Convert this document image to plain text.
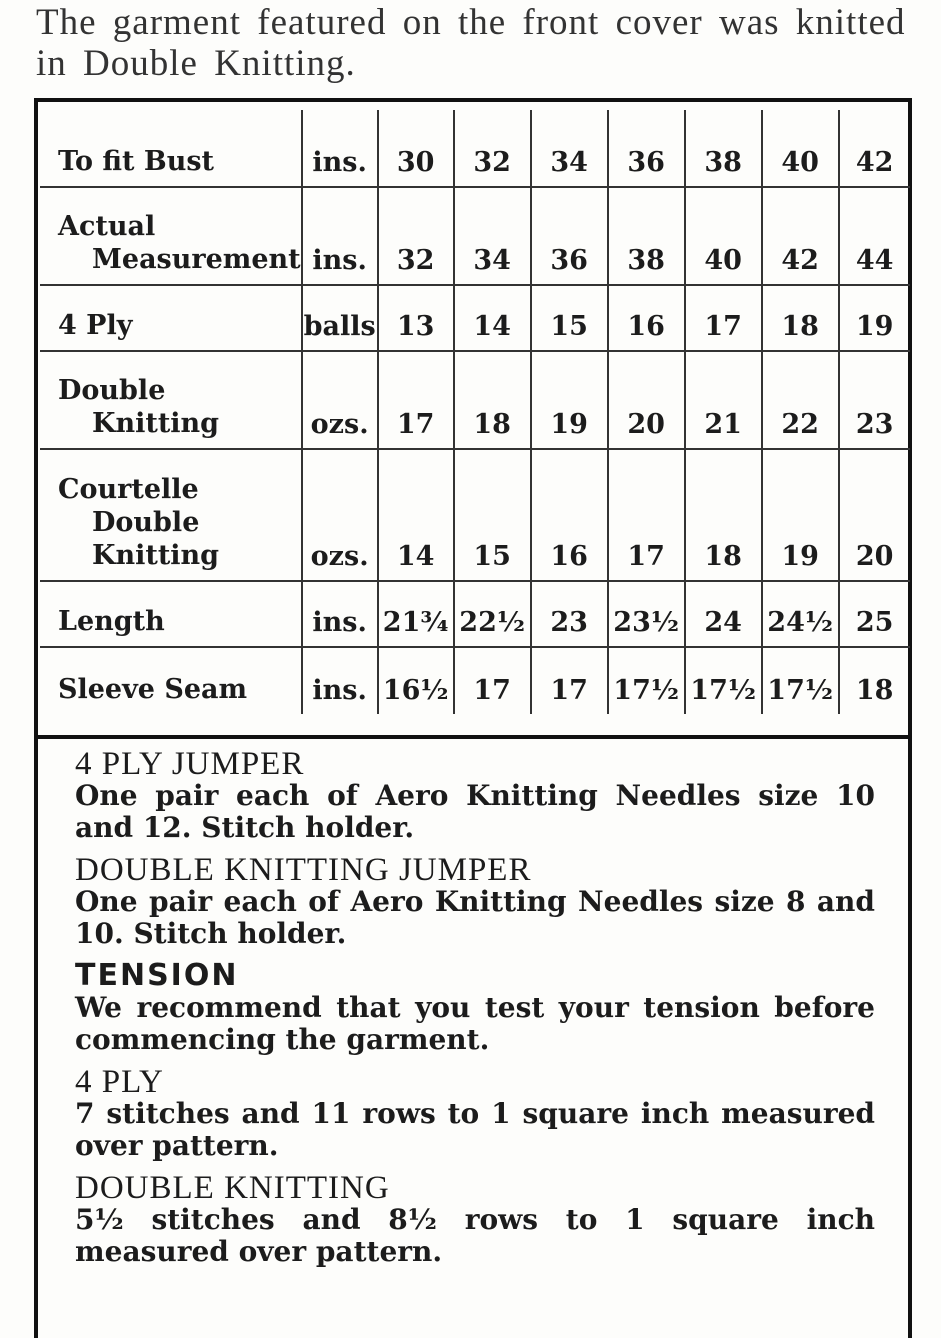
The garment featured on the front cover was knitted in Double Knitting.
To fit Bust	ins.	30	32	34	36	38	40	42

Actual
Measurement	ins.	32	34	36	38	40	42	44

4 Ply	balls	13	14	15	16	17	18	19

Double
Knitting	ozs.	17	18	19	20	21	22	23

Courtelle
Double
Knitting	ozs.	14	15	16	17	18	19	20

Length	ins.	21¾	22½	23	23½	24	24½	25

Sleeve Seam	ins.	16½	17	17	17½	17½	17½	18
4 PLY JUMPER
One pair each of Aero Knitting Needles size 10 and 12. Stitch holder.
DOUBLE KNITTING JUMPER
One pair each of Aero Knitting Needles size 8 and 10. Stitch holder.
TENSION
We recommend that you test your tension before commencing the garment.
4 PLY
7 stitches and 11 rows to 1 square inch measured over pattern.
DOUBLE KNITTING
5½ stitches and 8½ rows to 1 square inch measured over pattern.
